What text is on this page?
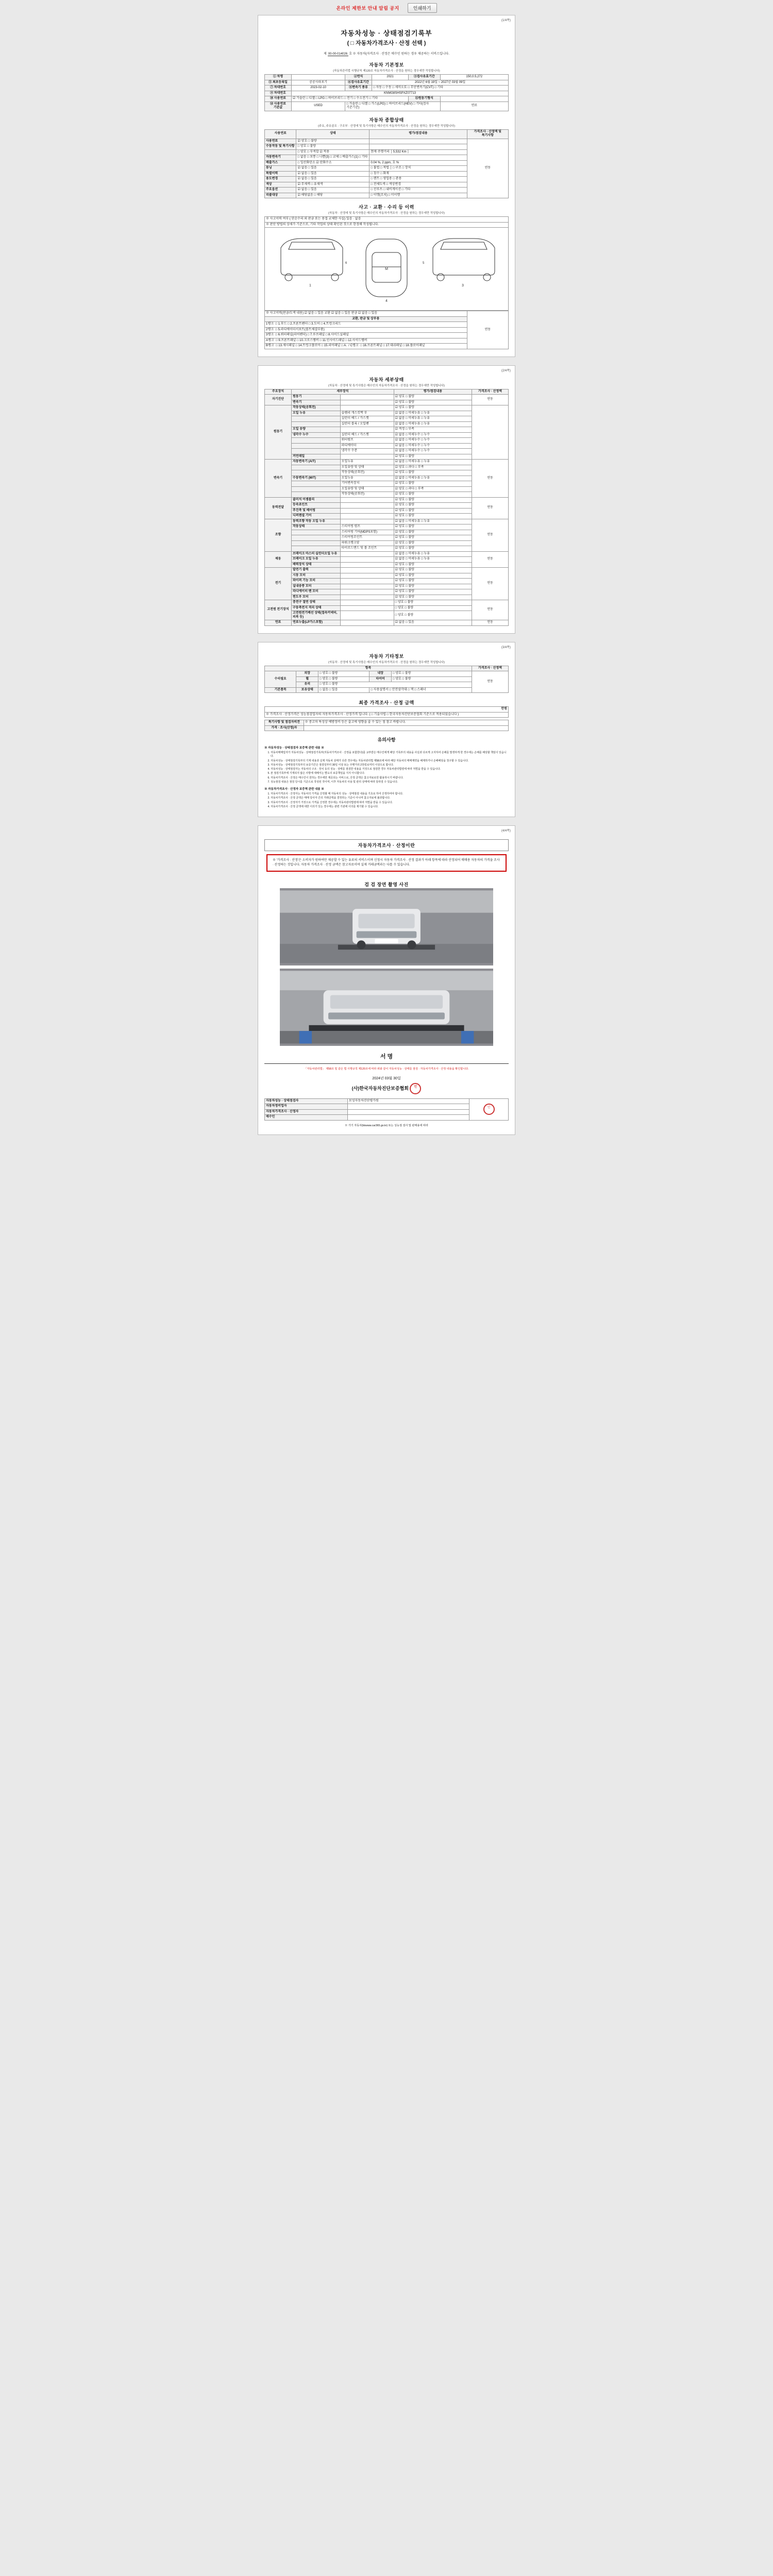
온라인 제한보 안내 알림 공지	인쇄하기
(1/4쪽)
자동차성능 · 상태점검기록부
( □ 자동차가격조사 · 산정 선택 )
제 00-00-014026 호 ※ 자동차(자격조사 · 산정은 매수인 원하는 경우 제공하는 서비스입니다.
자동차 기본정보
(자동차관리법 시행규칙 제120조 자동차가격조사 · 산정을 원하는 경우에만 작성합니다)
① 차명		②연식	2021	③검사유효기간	150,0.5,272
⑤ 최초등록일	공공사파포기	⑥검사유효기간	2022년 6월 19일 ~ 2027년 03월 09일		
⑦ 차대번호	2023-02-10	⑧변속기 종류	□ 자동 □ 수동 □ 세미오토 □ 무단변속기(CVT) □ 기타		
⑨ 차대번호	KNMG8SHSPXZ07713				
⑩ 사용연료	☑ 가솔린 □ 디젤 □ LPG □ 하이브리드 □ 전기 □ 수소전기 □ 기타			⑪원동기형식	
⑫ 사용연료 기준값	USED	□ 가솔린 □ 디젤 □ 가스(LPG) □ 하이브리드(HEV) □ 기타(검사 기준기준)			연료
자동차 종합상태
(주요, 주유골조 · 구조부 · 산정에 및 특기사항은 매수인의 자동차가격조사 · 산정을 원하는 경우에만 작성합니다)
사용연료	상태	평가/점검내용	가격조사 · 산정액 및 특기사항
사용연료	☑ 양호 □ 불량		연동
수동작동 및 특기사항	□ 양호 □ 불량		
	□ 양호 □ 부적합 ☑ 적용	현재 주행거리 │ 5,532 Km │	
자동변속기	□ 없음 □ 보통 □ 나쁨(3) □ 교체 □ 배출가스(1) □ 기타		
배출가스	□ 일산화탄소 ☑ 탄화수소	0.04 %, 2 ppm, 호 %	
튜닝	☑ 없음 □ 있음	□ 불법 □ 적법 │ □ 구조 □ 장치	
특별이력	☑ 없음 □ 있음	□ 침수 □ 화재	
용도변경	☑ 없음 □ 있음	□ 렌트 □ 영업용 □ 관용	
색상	☑ 무채색 □ 유채색	□ 전체도색 □ 색상변경	
주요옵션	☑ 없음 □ 있음	□ 선루프 □ 내비게이션 □ 기타	
리콜대상	☑ 해당없음 □ 해당	□ 이행(조치) □ 미이행	
사고 · 교환 · 수리 등 이력
(자동차 · 산정에 및 특기사항은 매수인의 자동차가격조사 · 산정을 원하는 경우에만 작성합니다)
※ 사고이력 여부 ( 단순수리 외 판금 또는 용접 교체한 사실) 있음 · 없음
※ 판단 방법의 상세가 기준으로, 기타 작업의 상태 확인된 것으로 한정해 작성됩니다.
1
M
4
3
6	5
※ 사고이력(판금/도색 내용) ☑ 없음 □ 있음 교환 ☑ 없음 □ 있음 판금 ☑ 없음 □ 있음	연동
교환, 판금 및 상부용
1랭크 □ 1.후드 □ 2.프론트펜더 □ 3.도어 □ 4.트렁크리드
2랭크 □ 5.라디에이터서포트(볼트체결부품)
3랭크 □ 6.쿼터패널(리어펜더) □ 7.루프패널 □ 8.사이드실패널
A랭크 □ 9.프론트패널 □ 10.크로스멤버 □ 11.인사이드패널 □ 12.사이드멤버
B랭크 □ 13.섀시패널 □ 14.트렁크플로어 □ 15.리어패널 □ A.  / C랭크 □ 16.프론트패널 □ 17.대쉬패널 □ 18.플로어패널
(2/4쪽)
자동차 세부상태
(자동차 · 산정에 및 특기사항은 매수인의 자동차가격조사 · 산정을 원하는 경우에만 작성합니다)
주요장치	세부장치		평가/점검내용	가격조사 · 산정액
자기진단	원동기		☑ 양호 □ 불량	연동
	변속기		☑ 양호 □ 불량	
원동기	작동상태(공회전)		☑ 양호 □ 불량	
	오일 누유	슬램리 개스킷짝 부	☑ 없음 □ 미세누유 □ 누유	
		실린더 헤드 / 가스켓	☑ 없음 □ 미세누유 □ 누유	
		실린더 블록 / 오일팬	☑ 없음 □ 미세누유 □ 누유	
	오일 유량		☑ 적정 □ 부족	
	냉각수 누수	실린더 헤드 / 가스켓	☑ 없음 □ 미세누수 □ 누수	
		워터펌프	☑ 없음 □ 미세누수 □ 누수	
		라디에이터	☑ 없음 □ 미세누수 □ 누수	
		냉각수 수분	☑ 없음 □ 미세누수 □ 누수	
	커먼레일		☑ 양호 □ 불량	
변속기	자동변속기 (A/T)	오일누유	☑ 없음 □ 미세누유 □ 누유	연동
		오일유량 및 상태	☑ 양호 □ 과다 □ 부족	
		작동상태(공회전)	☑ 양호 □ 불량	
	수동변속기 (M/T)	오일누유	☑ 없음 □ 미세누유 □ 누유	
		기어변속장치	☑ 양호 □ 불량	
		오일유량 및 상태	☑ 양호 □ 과다 □ 부족	
		작동상태(공회전)	☑ 양호 □ 불량	
동력전달	클러치 어셈블리		☑ 양호 □ 불량	연동
	등속죠인트		☑ 양호 □ 불량	
	추진축 및 베어링		☑ 양호 □ 불량	
	디퍼렌셜 기어		☑ 양호 □ 불량	
조향	동력조향 작동 오일 누유		☑ 없음 □ 미세누유 □ 누유	연동
	작동상태	스티어링 펌프	☑ 양호 □ 불량	
		스티어링 기어(MDPS포함)	☑ 양호 □ 불량	
		스티어링조인트	☑ 양호 □ 불량	
		파워크랭크암	☑ 양호 □ 불량	
		타이로드엔드 및 볼 조인트	☑ 양호 □ 불량	
제동	브레이크 마스터 실린더오일 누유		☑ 없음 □ 미세누유 □ 누유	연동
	브레이크 오일 누유		☑ 없음 □ 미세누유 □ 누유	
	배력장치 상태		☑ 양호 □ 불량	
전기	발전기 출력		☑ 양호 □ 불량	연동
	시동 모터		☑ 양호 □ 불량	
	와이퍼 기능 모터		☑ 양호 □ 불량	
	실내송풍 모터		☑ 양호 □ 불량	
	라디에이터 팬 모터		☑ 양호 □ 불량	
	윈도우 모터		☑ 양호 □ 불량	
고전원 전기장치	충전구 절연 상태		□ 양호 □ 불량	연동
	구동축전지 격리 상태		□ 양호 □ 불량	
	고전원전기배선 상태(접속커넥터,피복 등)		□ 양호 □ 불량	
연료	연료누출(LP가스포함)		☑ 없음 □ 있음	연동
(3/4쪽)
자동차 기타정보
(자동차 · 산정에 및 특기사항은 매수인의 자동차가격조사 · 산정을 원하는 경우에만 작성합니다)
항목					가격조사 · 산정액
수리필요	외장	□ 양호 □ 불량	내장	□ 양호 □ 불량	연동
	휠	□ 양호 □ 불량	타이어	□ 양호 □ 불량	
	유리	□ 양호 □ 불량			
기본품목	보유상태	□ 없음 □ 있음	□ 사용설명서 □ 안전삼각대 □ 잭 □ 스패너		
최종 가격조사 · 산정 금액
만원
※ 가격조사 · 산정가격은 성능점검업자의 자동차가격조사 · 산정가격 입니다. ( □ 기술사법 □ 한국자동차진단보증협회 기준으로 적용되었습니다 )
특기사항 및 점검자의견	※ 중고차 특성상 예방정비 등은 출고에 영향을 줄 수 있는 점 참고 바랍니다.
가격 · 조사(산정)자	
유의사항
※ 자동차성능 · 상태점검자 보증책 관련 내용 ※
1. 자동차매매업자가 자동차성능 · 상태점검기록부(자동차가격조사 · 산정을 포함한다)를 교부받은 매수인에게 해당 기록부의 내용을 사실과 다르게 고지하여 손해를 발생하게 한 경우에는 손해를 배상할 책임이 있습니다.
2. 자동차성능 · 상태점검기록부의 기재 내용과 실제 자동차 상태가 다른 경우에는 자동차관리법 제58조에 따라 해당 자동차의 매매계약을 해제하거나 손해배상을 청구할 수 있습니다.
3. 자동차성능 · 상태점검기록부의 보증기간은 점검일부터 30일 이상 또는 주행거리 2천킬로미터 이상으로 합니다.
4. 자동차성능 · 상태점검자는 자동차의 구조 · 장치 등의 성능 · 상태를 점검한 내용을 거짓으로 점검한 경우 자동차관리법령에 따라 처벌을 받을 수 있습니다.
5. 본 점검기록부에 기재되지 않은 사항에 대해서는 별도의 보증책임을 지지 아니합니다.
6. 자동차가격조사 · 산정은 매수인이 원하는 경우에만 제공되는 서비스로, 산정 금액은 참고자료로만 활용하시기 바랍니다.
7. 성능점검 내용은 점검 당시를 기준으로 작성된 것이며, 이후 자동차의 사용 및 관리 상태에 따라 달라질 수 있습니다.
※ 자동차가격조사 · 산정자 보증책 관련 내용 ※
1. 자동차가격조사 · 산정자는 자동차의 가격을 산정할 때 자동차의 성능 · 상태점검 내용을 기초로 하여 산정하여야 합니다.
2. 자동차가격조사 · 산정 금액은 매매 당사자 간의 거래금액을 결정하는 기준이 아니며 참고자료에 불과합니다.
3. 자동차가격조사 · 산정자가 거짓으로 가격을 산정한 경우에는 자동차관리법령에 따라 처벌을 받을 수 있습니다.
4. 자동차가격조사 · 산정 금액에 대한 이의가 있는 경우에는 관련 기관에 이의를 제기할 수 있습니다.
(4/4쪽)
자동차가격조사 · 산정이란
※ '가격조사 · 산정'은 소비자가 원하여만 제공할 수 있는 유료의 서비스이며 신청시 자동차 가격조사 · 산정 결과가 아래 항목에 따라 산정되어 매매용 자동차의 가격을 조사 · 산정하는 것입니다. 자동차 가격조사 · 산정 금액은 참고자료이며 실제 거래금액과는 다를 수 있습니다.
검 검 장면 촬영 사진
서 명
「자동차관리법」 제58조 및 같은 법 시행규칙 제120조에 따라 위와 같이 자동차성능 · 상태를 점검 · 자동차가격조사 · 산정 내용을 확인합니다.
2024년 03월 30일
(사)한국자동차진단보증협회 인
자동차성능 · 상태점검자	보성자동차진단평가원	인
자동차정비업자		
자동차가격조사 · 산정자		
매수인		
※ 가기 자동차(kkwww.car365.go.kr) 또는 성능점 검사 및 판매용에 따라
